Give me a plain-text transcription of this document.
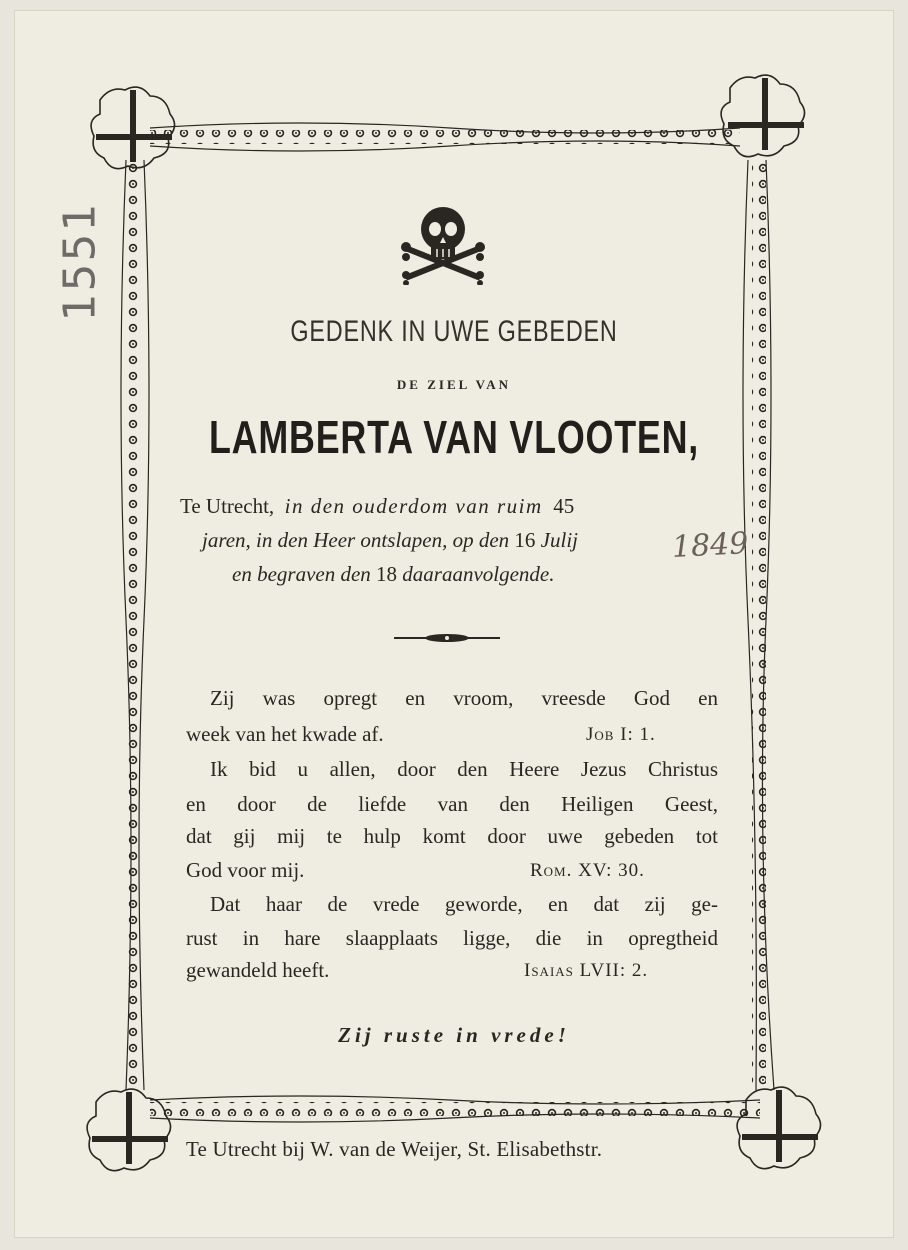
1551
GEDENK IN UWE GEBEDEN
DE ZIEL VAN
LAMBERTA VAN VLOOTEN,
Te Utrecht, in den ouderdom van ruim 45
jaren, in den Heer ontslapen, op den 16 Julij	1849
en begraven den 18 daaraanvolgende.
Zij was opregt en vroom, vreesde God en
week van het kwade af.	Job I: 1.
Ik bid u allen, door den Heere Jezus Christus
en door de liefde van den Heiligen Geest,
dat gij mij te hulp komt door uwe gebeden tot
God voor mij.	Rom. XV: 30.
Dat haar de vrede geworde, en dat zij ge-
rust in hare slaapplaats ligge, die in opregtheid
gewandeld heeft.	Isaias LVII: 2.
Zij ruste in vrede!
Te Utrecht bij W. van de Weijer, St. Elisabethstr.
